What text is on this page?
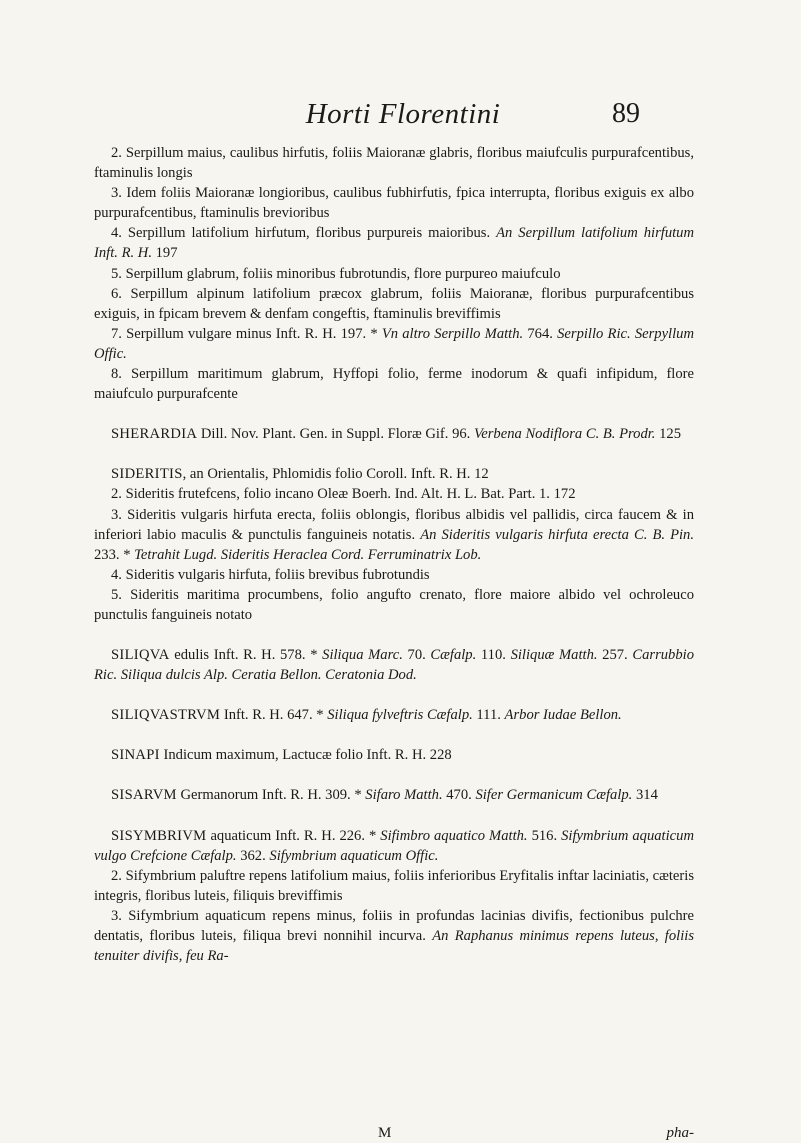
Horti Florentini	89

2. Serpillum maius, caulibus hirfutis, foliis Maioranæ glabris, floribus maiufculis purpurafcentibus, ftaminulis longis

3. Idem foliis Maioranæ longioribus, caulibus fubhirfutis, fpica interrupta, floribus exiguis ex albo purpurafcentibus, ftaminulis brevioribus

4. Serpillum latifolium hirfutum, floribus purpureis maioribus. An Serpillum latifolium hirfutum Inft. R. H. 197

5. Serpillum glabrum, foliis minoribus fubrotundis, flore purpureo maiufculo

6. Serpillum alpinum latifolium præcox glabrum, foliis Maioranæ, floribus purpurafcentibus exiguis, in fpicam brevem & denfam congeftis, ftaminulis breviffimis

7. Serpillum vulgare minus Inft. R. H. 197. * Vn altro Serpillo Matth. 764. Serpillo Ric. Serpyllum Offic.

8. Serpillum maritimum glabrum, Hyffopi folio, ferme inodorum & quafi infipidum, flore maiufculo purpurafcente

SHERARDIA Dill. Nov. Plant. Gen. in Suppl. Floræ Gif. 96. Verbena Nodiflora C. B. Prodr. 125

SIDERITIS, an Orientalis, Phlomidis folio Coroll. Inft. R. H. 12

2. Sideritis frutefcens, folio incano Oleæ Boerh. Ind. Alt. H. L. Bat. Part. 1. 172

3. Sideritis vulgaris hirfuta erecta, foliis oblongis, floribus albidis vel pallidis, circa faucem & in inferiori labio maculis & punctulis fanguineis notatis. An Sideritis vulgaris hirfuta erecta C. B. Pin. 233. * Tetrahit Lugd. Sideritis Heraclea Cord. Ferruminatrix Lob.

4. Sideritis vulgaris hirfuta, foliis brevibus fubrotundis

5. Sideritis maritima procumbens, folio angufto crenato, flore maiore albido vel ochroleuco punctulis fanguineis notato

SILIQVA edulis Inft. R. H. 578. * Siliqua Marc. 70. Cæfalp. 110. Siliquæ Matth. 257. Carrubbio Ric. Siliqua dulcis Alp. Ceratia Bellon. Ceratonia Dod.

SILIQVASTRVM Inft. R. H. 647. * Siliqua fylveftris Cæfalp. 111. Arbor Iudae Bellon.

SINAPI Indicum maximum, Lactucæ folio Inft. R. H. 228

SISARVM Germanorum Inft. R. H. 309. * Sifaro Matth. 470. Sifer Germanicum Cæfalp. 314

SISYMBRIVM aquaticum Inft. R. H. 226. * Sifimbro aquatico Matth. 516. Sifymbrium aquaticum vulgo Crefcione Cæfalp. 362. Sifymbrium aquaticum Offic.

2. Sifymbrium paluftre repens latifolium maius, foliis inferioribus Eryfitalis inftar laciniatis, cæteris integris, floribus luteis, filiquis breviffimis

3. Sifymbrium aquaticum repens minus, foliis in profundas lacinias divifis, fectionibus pulchre dentatis, floribus luteis, filiqua brevi nonnihil incurva. An Raphanus minimus repens luteus, foliis tenuiter divifis, feu Ra-

M	pha-
